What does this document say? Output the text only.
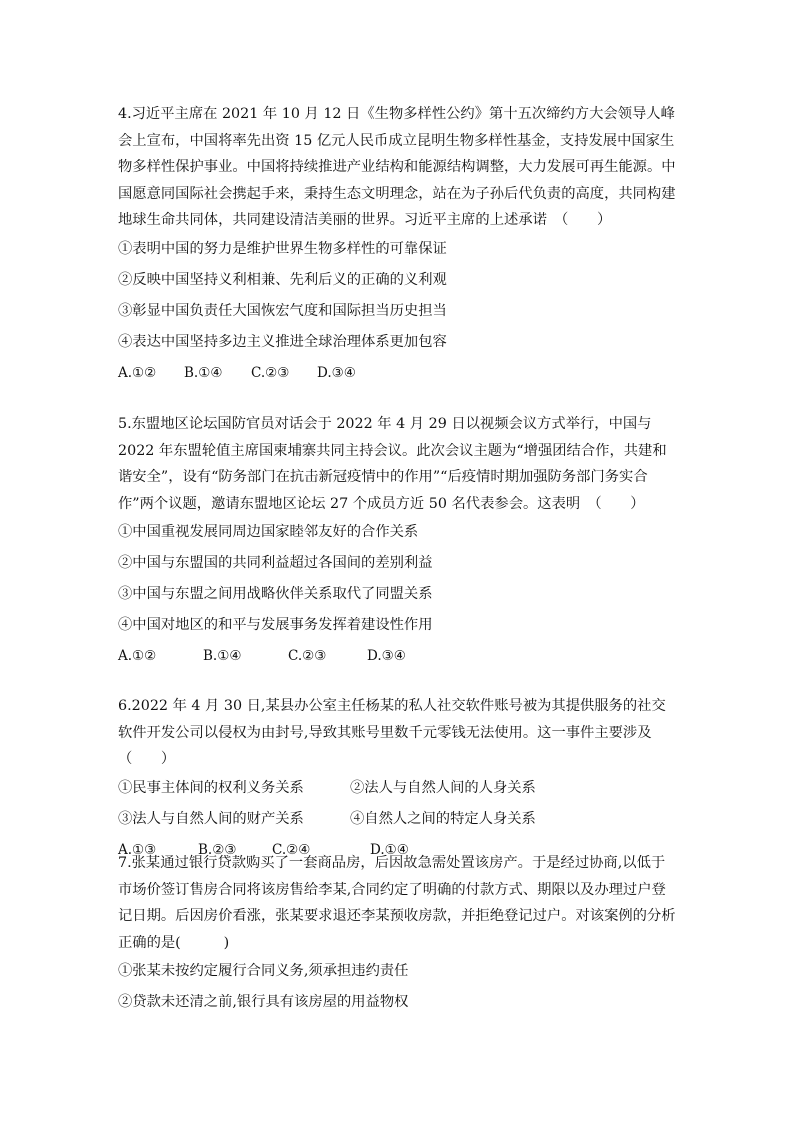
4.习近平主席在 2021 年 10 月 12 日《生物多样性公约》第十五次缔约方大会领导人峰会上宣布，中国将率先出资 15 亿元人民币成立昆明生物多样性基金，支持发展中国家生物多样性保护事业。中国将持续推进产业结构和能源结构调整，大力发展可再生能源。中国愿意同国际社会携起手来，秉持生态文明理念，站在为子孙后代负责的高度，共同构建地球生命共同体，共同建设清洁美丽的世界。习近平主席的上述承诺　（　　）

①表明中国的努力是维护世界生物多样性的可靠保证
②反映中国坚持义利相兼、先利后义的正确的义利观
③彰显中国负责任大国恢宏气度和国际担当历史担当
④表达中国坚持多边主义推进全球治理体系更加包容
A.①②	B.①④	C.②③	D.③④

5.东盟地区论坛国防官员对话会于 2022 年 4 月 29 日以视频会议方式举行，中国与 2022 年东盟轮值主席国柬埔寨共同主持会议。此次会议主题为“增强团结合作，共建和谐安全”，设有“防务部门在抗击新冠疫情中的作用”“后疫情时期加强防务部门务实合作”两个议题，邀请东盟地区论坛 27 个成员方近 50 名代表参会。这表明　（　　）

①中国重视发展同周边国家睦邻友好的合作关系
②中国与东盟国的共同利益超过各国间的差别利益
③中国与东盟之间用战略伙伴关系取代了同盟关系
④中国对地区的和平与发展事务发挥着建设性作用
A.①②	B.①④	C.②③	D.③④

6.2022 年 4 月 30 日,某县办公室主任杨某的私人社交软件账号被为其提供服务的社交软件开发公司以侵权为由封号,导致其账号里数千元零钱无法使用。这一事件主要涉及（　　）

①民事主体间的权利义务关系	②法人与自然人间的人身关系
③法人与自然人间的财产关系	④自然人之间的特定人身关系
A.①③	B.②③	C.②④	D.①④

7.张某通过银行贷款购买了一套商品房，后因故急需处置该房产。于是经过协商,以低于市场价签订售房合同将该房售给李某,合同约定了明确的付款方式、期限以及办理过户登记日期。后因房价看涨，张某要求退还李某预收房款，并拒绝登记过户。对该案例的分析正确的是(　　　)

①张某未按约定履行合同义务,须承担违约责任
②贷款未还清之前,银行具有该房屋的用益物权
